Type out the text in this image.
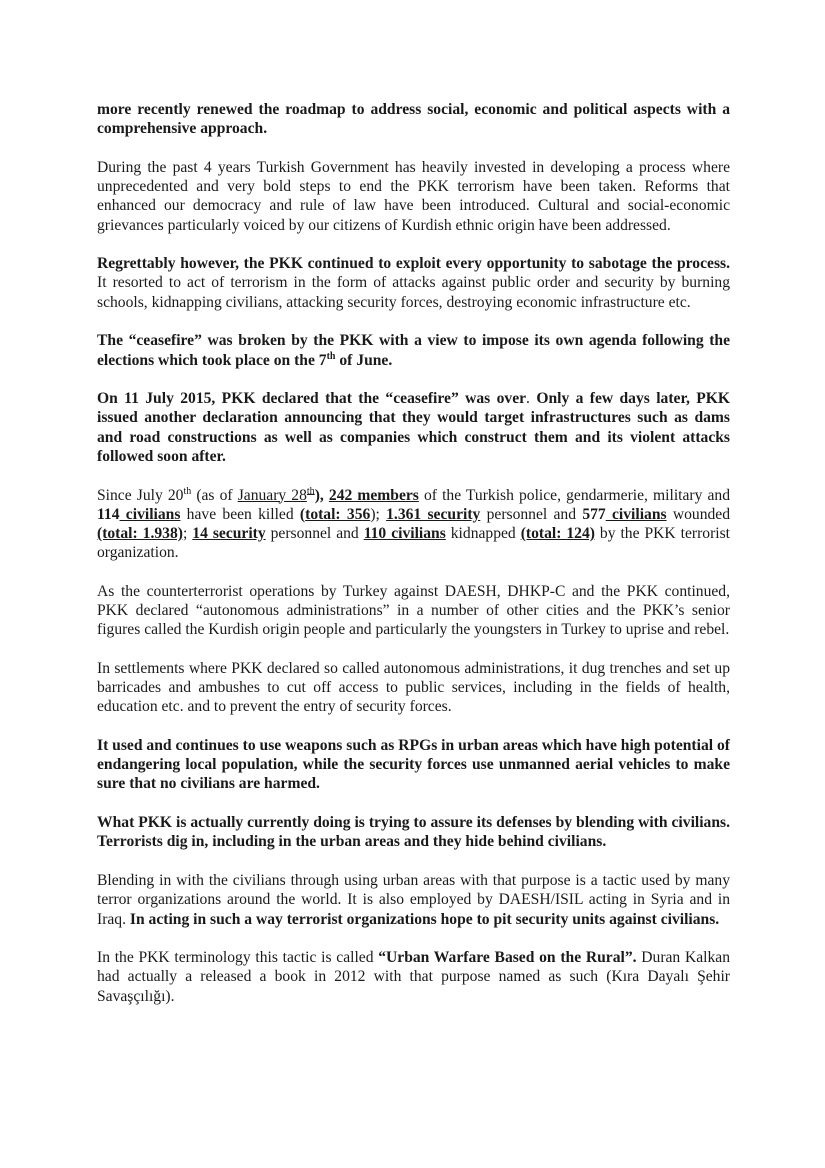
more recently renewed the roadmap to address social, economic and political aspects with a comprehensive approach.

During the past 4 years Turkish Government has heavily invested in developing a process where unprecedented and very bold steps to end the PKK terrorism have been taken. Reforms that enhanced our democracy and rule of law have been introduced. Cultural and social-economic grievances particularly voiced by our citizens of Kurdish ethnic origin have been addressed.

Regrettably however, the PKK continued to exploit every opportunity to sabotage the process. It resorted to act of terrorism in the form of attacks against public order and security by burning schools, kidnapping civilians, attacking security forces, destroying economic infrastructure etc.

The “ceasefire” was broken by the PKK with a view to impose its own agenda following the elections which took place on the 7th of June.

On 11 July 2015, PKK declared that the “ceasefire” was over. Only a few days later, PKK issued another declaration announcing that they would target infrastructures such as dams and road constructions as well as companies which construct them and its violent attacks followed soon after.

Since July 20th (as of January 28th), 242 members of the Turkish police, gendarmerie, military and 114 civilians have been killed (total: 356); 1.361 security personnel and 577 civilians wounded (total: 1.938); 14 security personnel and 110 civilians kidnapped (total: 124) by the PKK terrorist organization.

As the counterterrorist operations by Turkey against DAESH, DHKP-C and the PKK continued, PKK declared “autonomous administrations” in a number of other cities and the PKK’s senior figures called the Kurdish origin people and particularly the youngsters in Turkey to uprise and rebel.

In settlements where PKK declared so called autonomous administrations, it dug trenches and set up barricades and ambushes to cut off access to public services, including in the fields of health, education etc. and to prevent the entry of security forces.

It used and continues to use weapons such as RPGs in urban areas which have high potential of endangering local population, while the security forces use unmanned aerial vehicles to make sure that no civilians are harmed.

What PKK is actually currently doing is trying to assure its defenses by blending with civilians. Terrorists dig in, including in the urban areas and they hide behind civilians.

Blending in with the civilians through using urban areas with that purpose is a tactic used by many terror organizations around the world. It is also employed by DAESH/ISIL acting in Syria and in Iraq. In acting in such a way terrorist organizations hope to pit security units against civilians.

In the PKK terminology this tactic is called “Urban Warfare Based on the Rural”. Duran Kalkan had actually a released a book in 2012 with that purpose named as such (Kıra Dayalı Şehir Savaşçılığı).
